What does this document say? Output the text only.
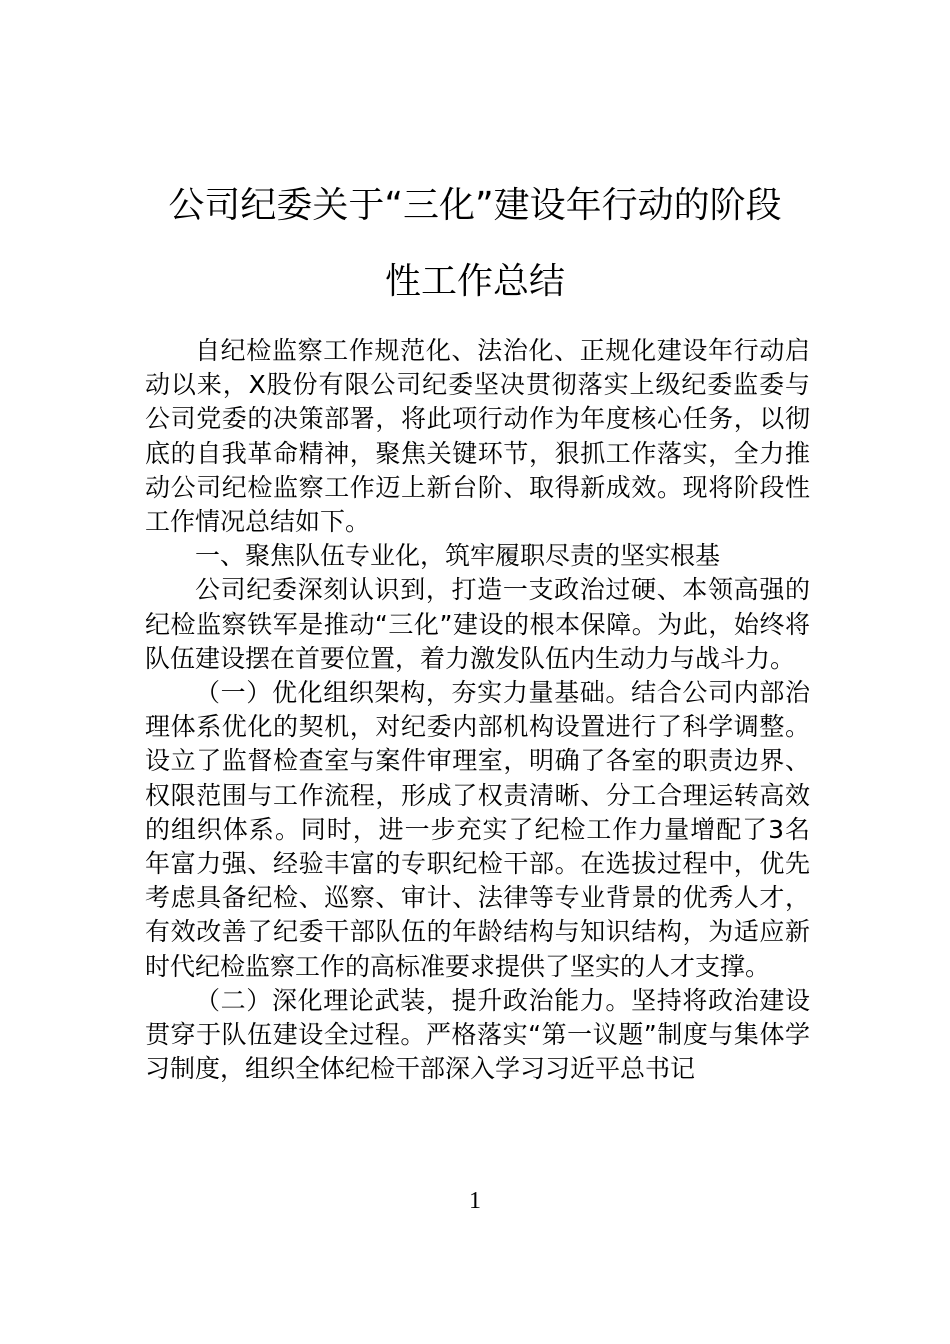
公司纪委关于“三化”建设年行动的阶段
性工作总结

自纪检监察工作规范化、法治化、正规化建设年行动启动以来，X股份有限公司纪委坚决贯彻落实上级纪委监委与公司党委的决策部署，将此项行动作为年度核心任务，以彻底的自我革命精神，聚焦关键环节，狠抓工作落实，全力推动公司纪检监察工作迈上新台阶、取得新成效。现将阶段性工作情况总结如下。

一、聚焦队伍专业化，筑牢履职尽责的坚实根基

公司纪委深刻认识到，打造一支政治过硬、本领高强的纪检监察铁军是推动“三化”建设的根本保障。为此，始终将队伍建设摆在首要位置，着力激发队伍内生动力与战斗力。

（一）优化组织架构，夯实力量基础。结合公司内部治理体系优化的契机，对纪委内部机构设置进行了科学调整。设立了监督检查室与案件审理室，明确了各室的职责边界、权限范围与工作流程，形成了权责清晰、分工合理运转高效的组织体系。同时，进一步充实了纪检工作力量增配了3名年富力强、经验丰富的专职纪检干部。在选拔过程中，优先考虑具备纪检、巡察、审计、法律等专业背景的优秀人才，有效改善了纪委干部队伍的年龄结构与知识结构，为适应新时代纪检监察工作的高标准要求提供了坚实的人才支撑。

（二）深化理论武装，提升政治能力。坚持将政治建设贯穿于队伍建设全过程。严格落实“第一议题”制度与集体学习制度，组织全体纪检干部深入学习习近平总书记

1
